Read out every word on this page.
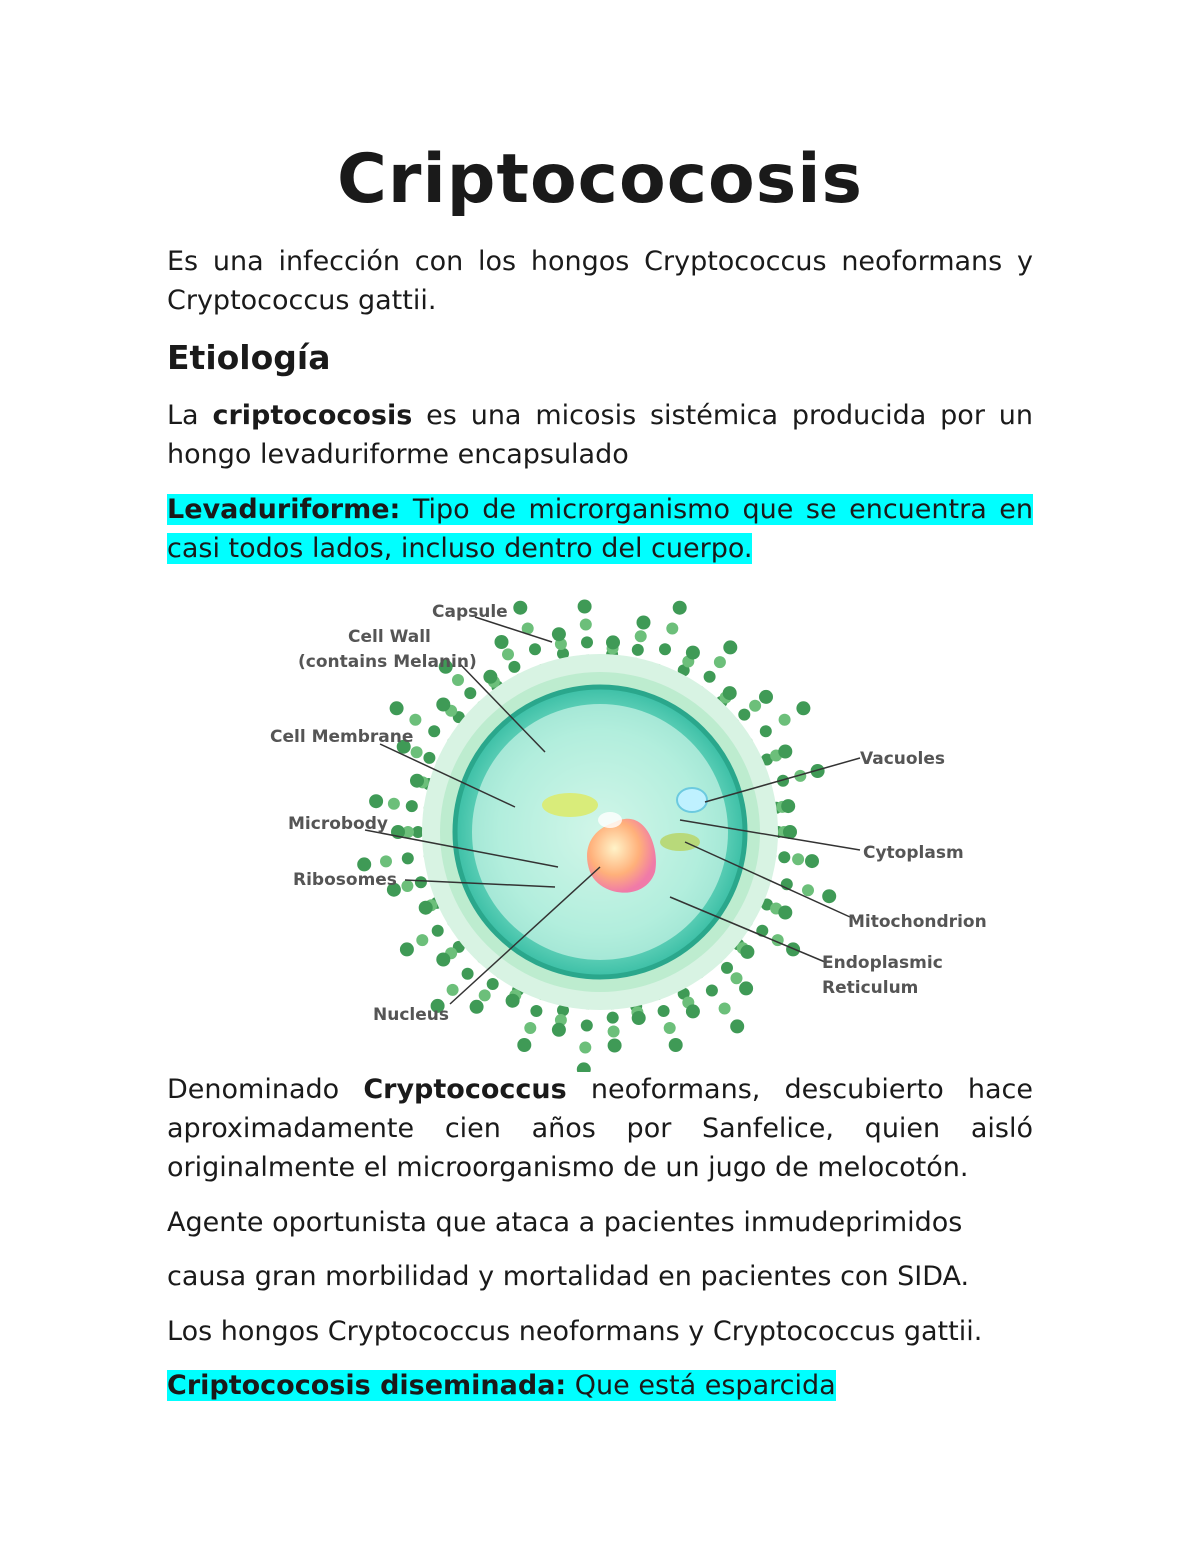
Criptococosis

Es una infección con los hongos Cryptococcus neoformans y Cryptococcus gattii.

Etiología

La criptococosis es una micosis sistémica producida por un hongo levaduriforme encapsulado

Levaduriforme: Tipo de microrganismo que se encuentra en casi todos lados, incluso dentro del cuerpo.

Capsule
Cell Wall
(contains Melanin)
Cell Membrane
Microbody
Ribosomes
Nucleus
Vacuoles
Cytoplasm
Mitochondrion
Endoplasmic
Reticulum

Denominado Cryptococcus neoformans, descubierto hace aproximadamente cien años por Sanfelice, quien aisló originalmente el microorganismo de un jugo de melocotón.

Agente oportunista que ataca a pacientes inmudeprimidos

causa gran morbilidad y mortalidad en pacientes con SIDA.

Los hongos Cryptococcus neoformans y Cryptococcus gattii.

Criptococosis diseminada: Que está esparcida
